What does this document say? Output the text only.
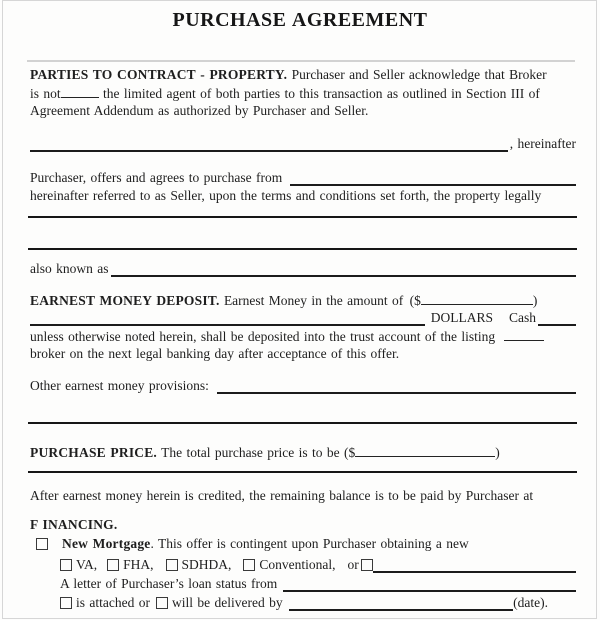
PURCHASE AGREEMENT
PARTIES TO CONTRACT - PROPERTY. Purchaser and Seller acknowledge that Broker
is not	the limited agent of both parties to this transaction as outlined in Section III of
Agreement Addendum as authorized by Purchaser and Seller.
, hereinafter
Purchaser, offers and agrees to purchase from
hereinafter referred to as Seller, upon the terms and conditions set forth, the property legally
also known as
EARNEST MONEY DEPOSIT. Earnest Money in the amount of ($	)
DOLLARS Cash
unless otherwise noted herein, shall be deposited into the trust account of the listing
broker on the next legal banking day after acceptance of this offer.
Other earnest money provisions:
PURCHASE PRICE. The total purchase price is to be ($	)
After earnest money herein is credited, the remaining balance is to be paid by Purchaser at
F INANCING.
New Mortgage . This offer is contingent upon Purchaser obtaining a new
VA, FHA, SDHDA, Conventional, or
A letter of Purchaser’s loan status from
is attached or will be delivered by	(date).
